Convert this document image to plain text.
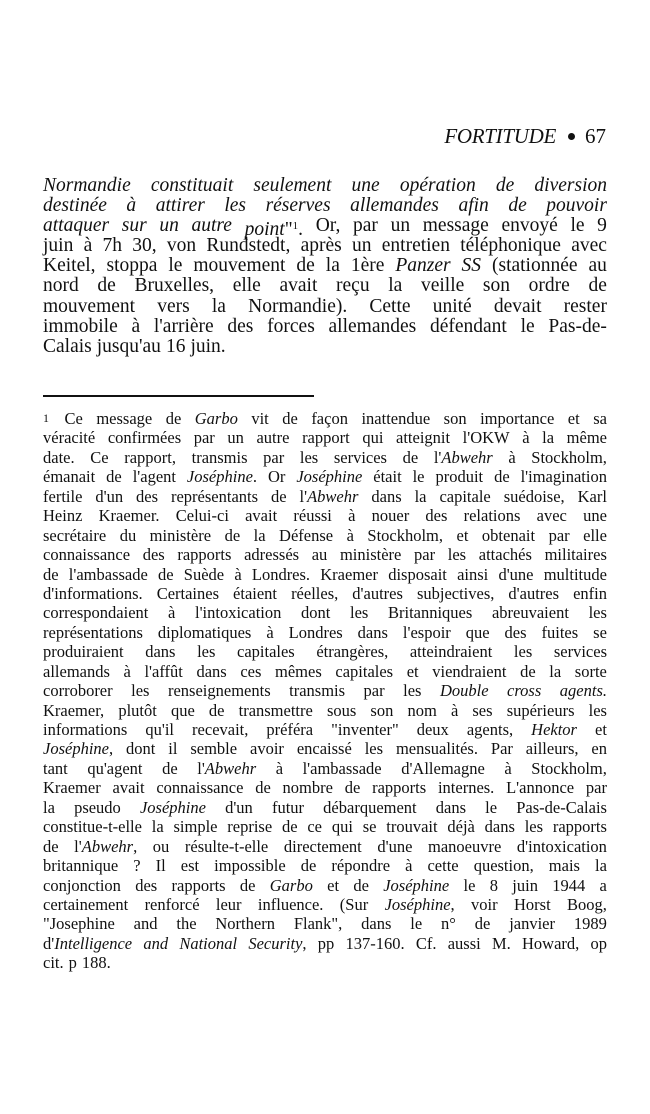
FORTITUDE 67
Normandie constituait seulement une opération de diversion
destinée à attirer les réserves allemandes afin de pouvoir
attaquer sur un autre point"$^1$. Or, par un message envoyé le 9
juin à 7h 30, von Rundstedt, après un entretien téléphonique avec
Keitel, stoppa le mouvement de la 1ère Panzer SS (stationnée au
nord de Bruxelles, elle avait reçu la veille son ordre de
mouvement vers la Normandie). Cette unité devait rester
immobile à l'arrière des forces allemandes défendant le Pas-de-
Calais jusqu'au 16 juin.
1 Ce message de Garbo vit de façon inattendue son importance et sa
véracité confirmées par un autre rapport qui atteignit l'OKW à la même
date. Ce rapport, transmis par les services de l'Abwehr à Stockholm,
émanait de l'agent Joséphine. Or Joséphine était le produit de l'imagination
fertile d'un des représentants de l'Abwehr dans la capitale suédoise, Karl
Heinz Kraemer. Celui-ci avait réussi à nouer des relations avec une
secrétaire du ministère de la Défense à Stockholm, et obtenait par elle
connaissance des rapports adressés au ministère par les attachés militaires
de l'ambassade de Suède à Londres. Kraemer disposait ainsi d'une multitude
d'informations. Certaines étaient réelles, d'autres subjectives, d'autres enfin
correspondaient à l'intoxication dont les Britanniques abreuvaient les
représentations diplomatiques à Londres dans l'espoir que des fuites se
produiraient dans les capitales étrangères, atteindraient les services
allemands à l'affût dans ces mêmes capitales et viendraient de la sorte
corroborer les renseignements transmis par les Double cross agents.
Kraemer, plutôt que de transmettre sous son nom à ses supérieurs les
informations qu'il recevait, préféra "inventer" deux agents, Hektor et
Joséphine, dont il semble avoir encaissé les mensualités. Par ailleurs, en
tant qu'agent de l'Abwehr à l'ambassade d'Allemagne à Stockholm,
Kraemer avait connaissance de nombre de rapports internes. L'annonce par
la pseudo Joséphine d'un futur débarquement dans le Pas-de-Calais
constitue-t-elle la simple reprise de ce qui se trouvait déjà dans les rapports
de l'Abwehr, ou résulte-t-elle directement d'une manoeuvre d'intoxication
britannique ? Il est impossible de répondre à cette question, mais la
conjonction des rapports de Garbo et de Joséphine le 8 juin 1944 a
certainement renforcé leur influence. (Sur Joséphine, voir Horst Boog,
"Josephine and the Northern Flank", dans le n° de janvier 1989
d'Intelligence and National Security, pp 137-160. Cf. aussi M. Howard, op
cit. p 188.
